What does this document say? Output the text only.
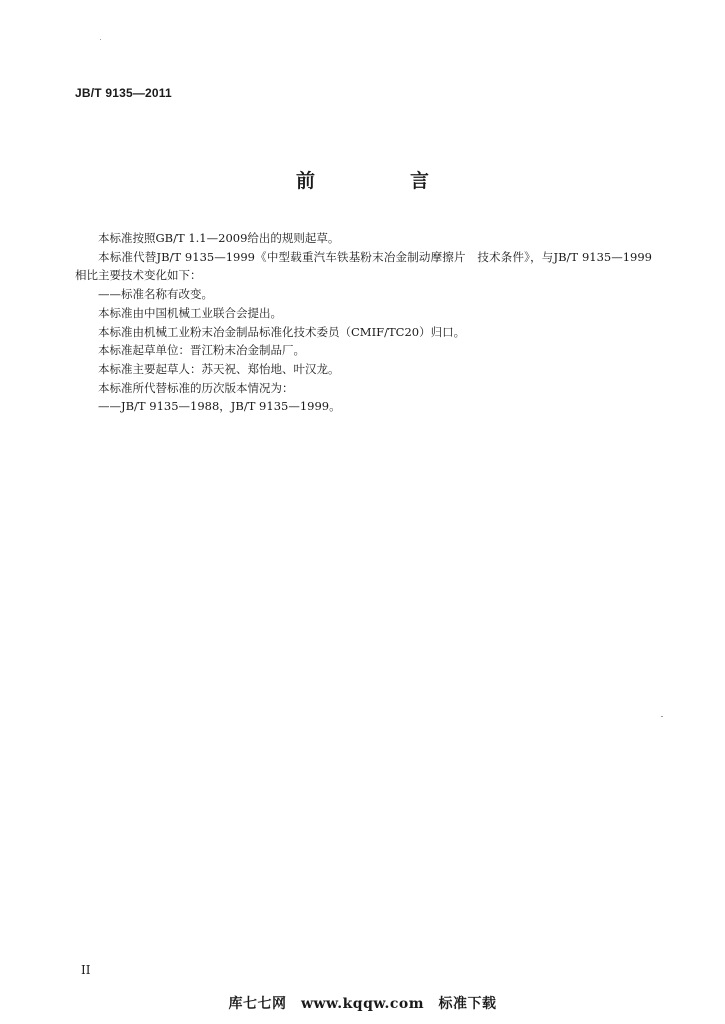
JB/T 9135—2011
前　言

本标准按照GB/T 1.1—2009给出的规则起草。

本标准代替JB/T 9135—1999《中型载重汽车铁基粉末冶金制动摩擦片　技术条件》，与JB/T 9135—1999相比主要技术变化如下：

——标准名称有改变。

本标准由中国机械工业联合会提出。

本标准由机械工业粉末冶金制品标准化技术委员（CMIF/TC20）归口。

本标准起草单位：晋江粉末冶金制品厂。

本标准主要起草人：苏天祝、郑怡地、叶汉龙。

本标准所代替标准的历次版本情况为：

——JB/T 9135—1988，JB/T 9135—1999。

II
库七七网　www.kqqw.com　标准下载
